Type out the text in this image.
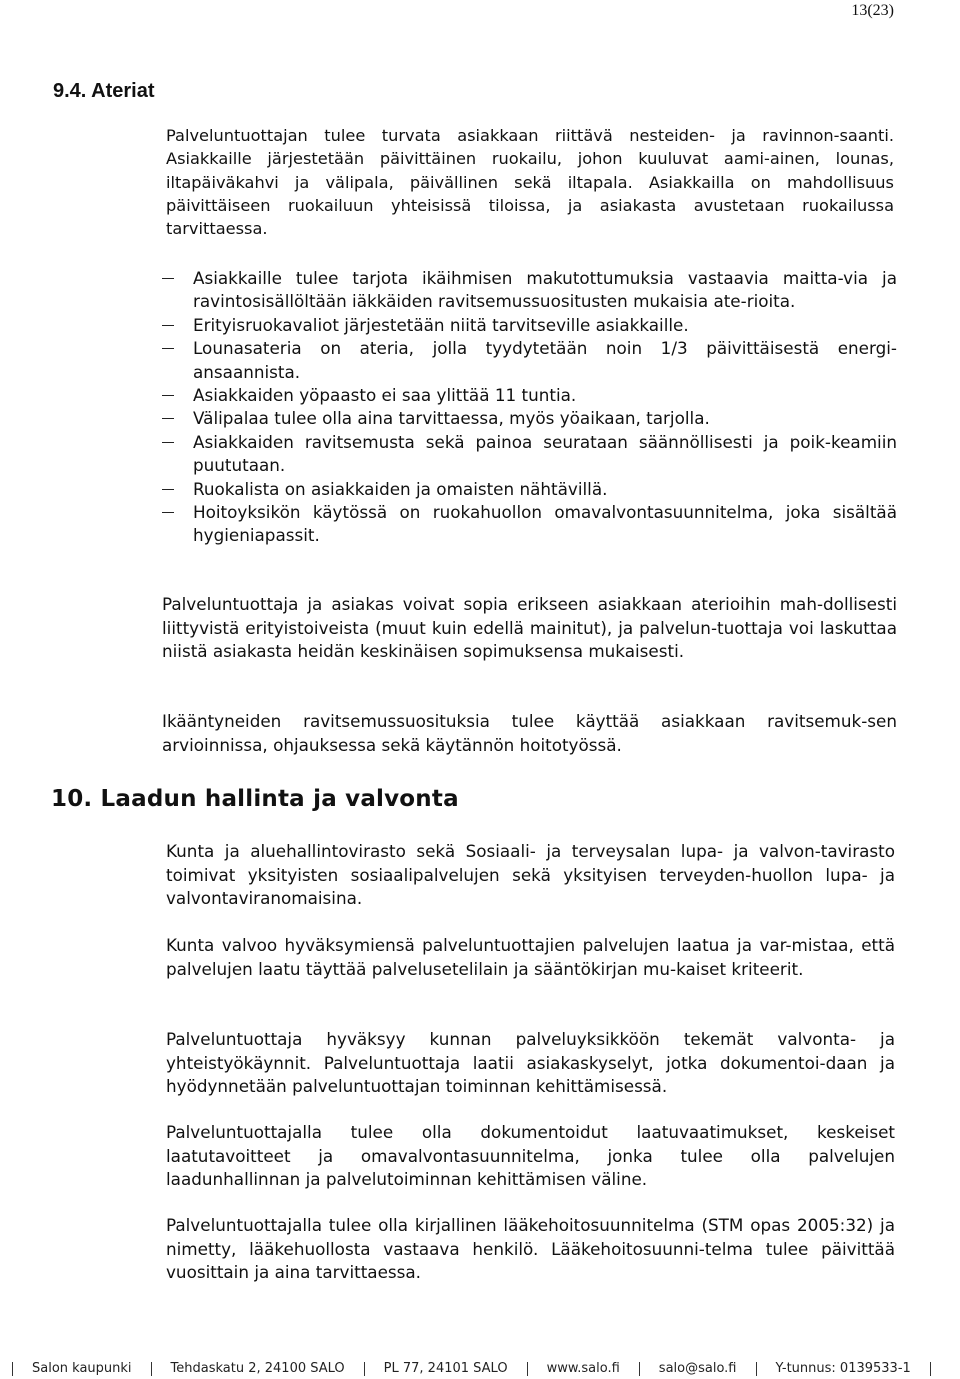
13(23)
9.4. Ateriat

Palveluntuottajan tulee turvata asiakkaan riittävä nesteiden- ja ravinnon-saanti. Asiakkaille järjestetään päivittäinen ruokailu, johon kuuluvat aami-ainen, lounas, iltapäiväkahvi ja välipala, päivällinen sekä iltapala. Asiakkailla on mahdollisuus päivittäiseen ruokailuun yhteisissä tiloissa, ja asiakasta avustetaan ruokailussa tarvittaessa.

Asiakkaille tulee tarjota ikäihmisen makutottumuksia vastaavia maitta-via ja ravintosisällöltään iäkkäiden ravitsemussuositusten mukaisia ate-rioita.
Erityisruokavaliot järjestetään niitä tarvitseville asiakkaille.
Lounasateria on ateria, jolla tyydytetään noin 1/3 päivittäisestä energi-ansaannista.
Asiakkaiden yöpaasto ei saa ylittää 11 tuntia.
Välipalaa tulee olla aina tarvittaessa, myös yöaikaan, tarjolla.
Asiakkaiden ravitsemusta sekä painoa seurataan säännöllisesti ja poik-keamiin puututaan.
Ruokalista on asiakkaiden ja omaisten nähtävillä.
Hoitoyksikön käytössä on ruokahuollon omavalvontasuunnitelma, joka sisältää hygieniapassit.

Palveluntuottaja ja asiakas voivat sopia erikseen asiakkaan aterioihin mah-dollisesti liittyvistä erityistoiveista (muut kuin edellä mainitut), ja palvelun-tuottaja voi laskuttaa niistä asiakasta heidän keskinäisen sopimuksensa mukaisesti.

Ikääntyneiden ravitsemussuosituksia tulee käyttää asiakkaan ravitsemuk-sen arvioinnissa, ohjauksessa sekä käytännön hoitotyössä.

10. Laadun hallinta ja valvonta

Kunta ja aluehallintovirasto sekä Sosiaali- ja terveysalan lupa- ja valvon-tavirasto toimivat yksityisten sosiaalipalvelujen sekä yksityisen terveyden-huollon lupa- ja valvontaviranomaisina.

Kunta valvoo hyväksymiensä palveluntuottajien palvelujen laatua ja var-mistaa, että palvelujen laatu täyttää palvelusetelilain ja sääntökirjan mu-kaiset kriteerit.

Palveluntuottaja hyväksyy kunnan palveluyksikköön tekemät valvonta- ja yhteistyökäynnit. Palveluntuottaja laatii asiakaskyselyt, jotka dokumentoi-daan ja hyödynnetään palveluntuottajan toiminnan kehittämisessä.

Palveluntuottajalla tulee olla dokumentoidut laatuvaatimukset, keskeiset laatutavoitteet ja omavalvontasuunnitelma, jonka tulee olla palvelujen laadunhallinnan ja palvelutoiminnan kehittämisen väline.

Palveluntuottajalla tulee olla kirjallinen lääkehoitosuunnitelma (STM opas 2005:32) ja nimetty, lääkehuollosta vastaava henkilö. Lääkehoitosuunni-telma tulee päivittää vuosittain ja aina tarvittaessa.

Salon kaupunki	Tehdaskatu 2, 24100 SALO	PL 77, 24101 SALO	www.salo.fi	salo@salo.fi	Y-tunnus: 0139533-1
